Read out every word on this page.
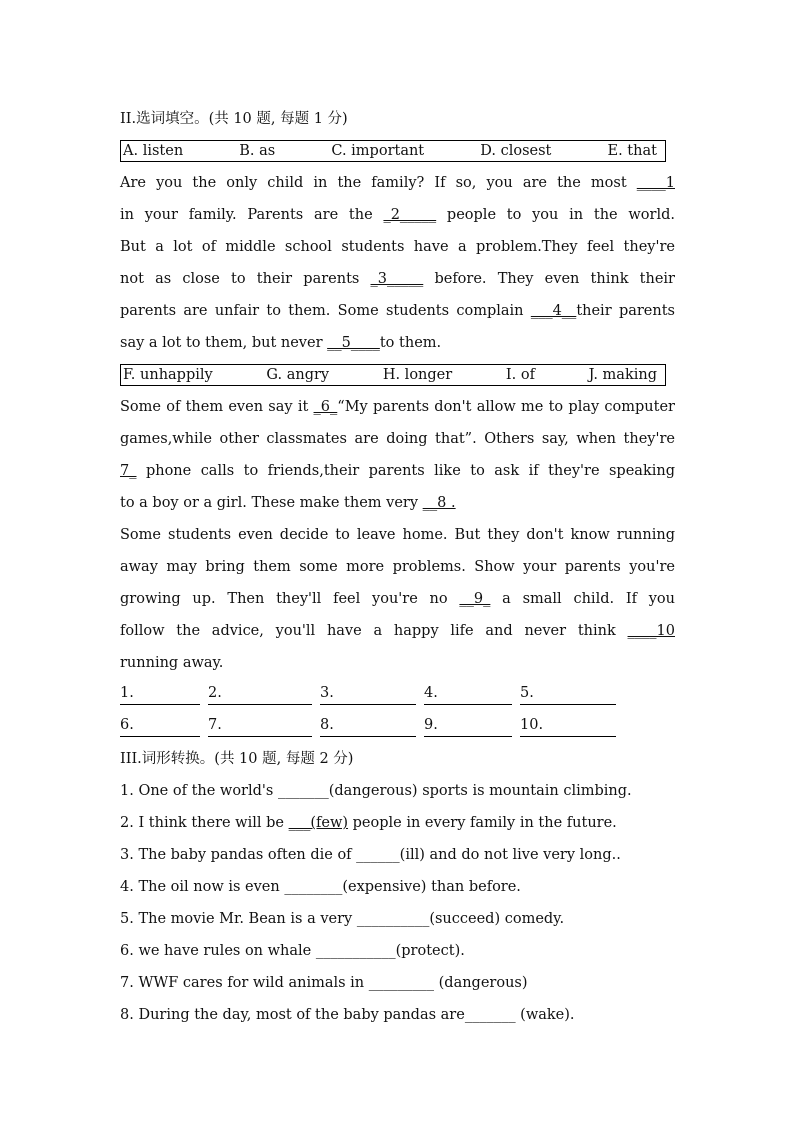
II.选词填空。(共 10 题, 每题 1 分)
A. listen	B. as	C. important	D. closest	E. that
Are you the only child in the family? If so, you are the most ____1
in your family. Parents are the _2_____ people to you in the world.
But a lot of middle school students have a problem.They feel they're
not as close to their parents _3_____ before. They even think their
parents are unfair to them. Some students complain ___4__their parents
say a lot to them, but never __5____to them.
F. unhappily	G. angry	H. longer	I. of	J. making
Some of them even say it _6_“My parents don't allow me to play computer
games,while other classmates are doing that”. Others say, when they're
7_ phone calls to friends,their parents like to ask if they're speaking
to a boy or a girl. These make them very __8 .
Some students even decide to leave home. But they don't know running
away may bring them some more problems. Show your parents you're
growing up. Then they'll feel you're no __9_ a small child. If you
follow the advice, you'll have a happy life and never think ____10
running away.
1.	2.	3.	4.	5.
6.	7.	8.	9.	10.
III.词形转换。(共 10 题, 每题 2 分)
1. One of the world's _______(dangerous) sports is mountain climbing.
2. I think there will be ___(few) people in every family in the future.
3. The baby pandas often die of ______(ill) and do not live very long..
4. The oil now is even ________(expensive) than before.
5. The movie Mr. Bean is a very __________(succeed) comedy.
6. we have rules on whale ___________(protect).
7. WWF cares for wild animals in _________ (dangerous)
8. During the day, most of the baby pandas are_______ (wake).
